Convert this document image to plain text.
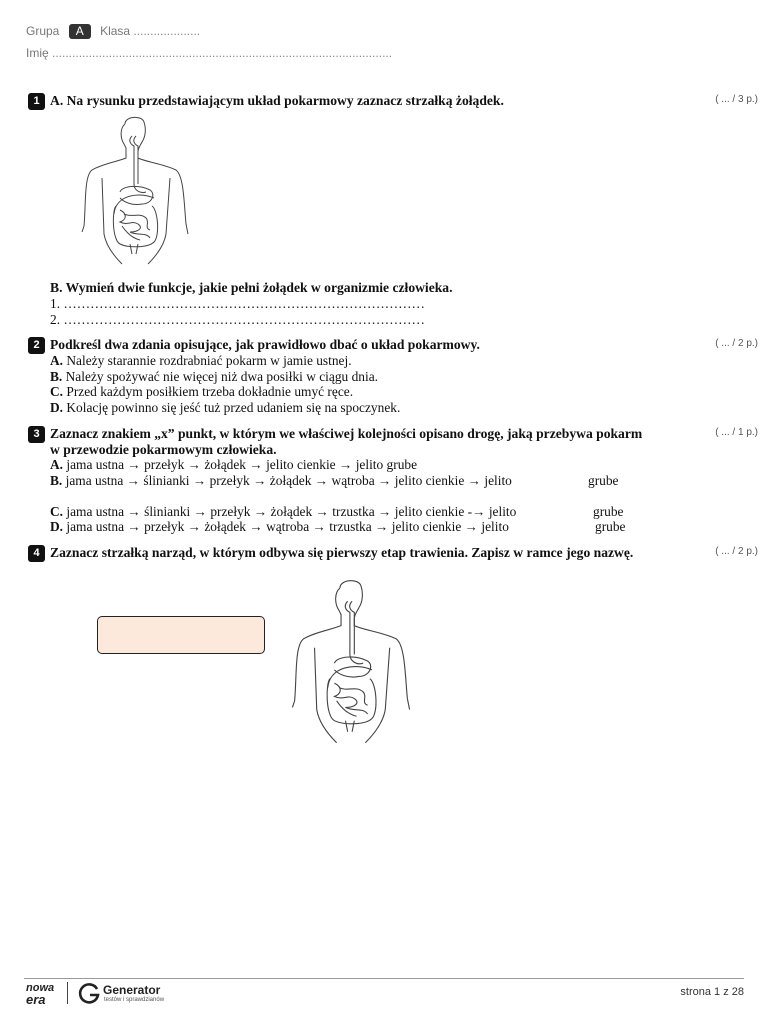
Grupa A Klasa ....................
Imię ......................................................................................................
1 A. Na rysunku przedstawiającym układ pokarmowy zaznacz strzałką żołądek.	( ... / 3 p.)
B. Wymień dwie funkcje, jakie pełni żołądek w organizmie człowieka.
1. ………………………………………………………………………
2. ………………………………………………………………………
2 Podkreśl dwa zdania opisujące, jak prawidłowo dbać o układ pokarmowy.	( ... / 2 p.)
A. Należy starannie rozdrabniać pokarm w jamie ustnej.
B. Należy spożywać nie więcej niż dwa posiłki w ciągu dnia.
C. Przed każdym posiłkiem trzeba dokładnie umyć ręce.
D. Kolację powinno się jeść tuż przed udaniem się na spoczynek.
3 Zaznacz znakiem „x” punkt, w którym we właściwej kolejności opisano drogę, jaką przebywa pokarm
w przewodzie pokarmowym człowieka.
( ... / 1 p.)
A. jama ustna → przełyk → żołądek → jelito cienkie → jelito grube
B. jama ustna → ślinianki → przełyk → żołądek → wątroba → jelito cienkie → jelito	grube
C. jama ustna → ślinianki → przełyk → żołądek → trzustka → jelito cienkie -→ jelito	grube
D. jama ustna → przełyk → żołądek → wątroba → trzustka → jelito cienkie → jelito	grube
4 Zaznacz strzałką narząd, w którym odbywa się pierwszy etap trawienia. Zapisz w ramce jego nazwę.	( ... / 2 p.)
nowa
era
Generator
testów i sprawdzianów
strona 1 z 28
